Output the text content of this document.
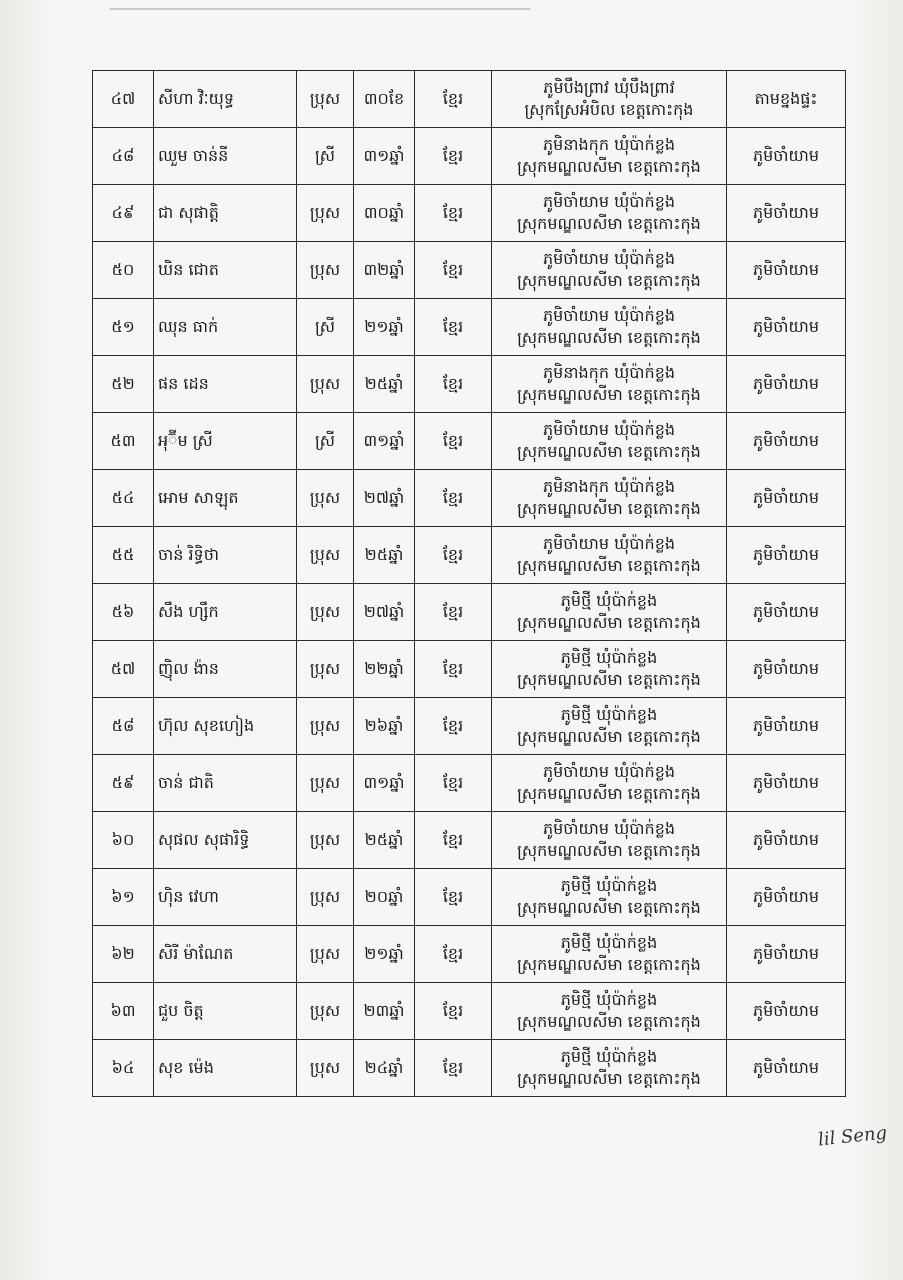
៤៧	សីហា វិៈយុទ្ធ	ប្រុស	៣០ខែ	ខ្មែរ	ភូមិបឹងព្រាវ ឃុំបឹងព្រាវ
ស្រុកស្រែអំបិល ខេត្តកោះកុង	តាមខ្នងផ្ទះ
៤៨	ឈួម ចាន់នី	ស្រី	៣១ឆ្នាំ	ខ្មែរ	ភូមិនាងកុក ឃុំប៉ាក់ខ្លង
ស្រុកមណ្ឌលសីមា ខេត្តកោះកុង	ភូមិចាំយាម
៤៩	ជា សុផាត្តិ	ប្រុស	៣០ឆ្នាំ	ខ្មែរ	ភូមិចាំយាម ឃុំប៉ាក់ខ្លង
ស្រុកមណ្ឌលសីមា ខេត្តកោះកុង	ភូមិចាំយាម
៥០	ឃិន ជោត	ប្រុស	៣២ឆ្នាំ	ខ្មែរ	ភូមិចាំយាម ឃុំប៉ាក់ខ្លង
ស្រុកមណ្ឌលសីមា ខេត្តកោះកុង	ភូមិចាំយាម
៥១	ឈុន ធាក់	ស្រី	២១ឆ្នាំ	ខ្មែរ	ភូមិចាំយាម ឃុំប៉ាក់ខ្លង
ស្រុកមណ្ឌលសីមា ខេត្តកោះកុង	ភូមិចាំយាម
៥២	ផន ដេន	ប្រុស	២៥ឆ្នាំ	ខ្មែរ	ភូមិនាងកុក ឃុំប៉ាក់ខ្លង
ស្រុកមណ្ឌលសីមា ខេត្តកោះកុង	ភូមិចាំយាម
៥៣	អុ៊ីម ស្រី	ស្រី	៣១ឆ្នាំ	ខ្មែរ	ភូមិចាំយាម ឃុំប៉ាក់ខ្លង
ស្រុកមណ្ឌលសីមា ខេត្តកោះកុង	ភូមិចាំយាម
៥៤	អោម សាឡុត	ប្រុស	២៧ឆ្នាំ	ខ្មែរ	ភូមិនាងកុក ឃុំប៉ាក់ខ្លង
ស្រុកមណ្ឌលសីមា ខេត្តកោះកុង	ភូមិចាំយាម
៥៥	ចាន់ រិទ្ធិថា	ប្រុស	២៥ឆ្នាំ	ខ្មែរ	ភូមិចាំយាម ឃុំប៉ាក់ខ្លង
ស្រុកមណ្ឌលសីមា ខេត្តកោះកុង	ភូមិចាំយាម
៥៦	សឹង ហ្សឹក	ប្រុស	២៧ឆ្នាំ	ខ្មែរ	ភូមិថ្មី ឃុំប៉ាក់ខ្លង
ស្រុកមណ្ឌលសីមា ខេត្តកោះកុង	ភូមិចាំយាម
៥៧	ញ៉ិល ង៉ាន	ប្រុស	២២ឆ្នាំ	ខ្មែរ	ភូមិថ្មី ឃុំប៉ាក់ខ្លង
ស្រុកមណ្ឌលសីមា ខេត្តកោះកុង	ភូមិចាំយាម
៥៨	ហ៊ុល សុខហៀង	ប្រុស	២៦ឆ្នាំ	ខ្មែរ	ភូមិថ្មី ឃុំប៉ាក់ខ្លង
ស្រុកមណ្ឌលសីមា ខេត្តកោះកុង	ភូមិចាំយាម
៥៩	ចាន់ ជាតិ	ប្រុស	៣១ឆ្នាំ	ខ្មែរ	ភូមិចាំយាម ឃុំប៉ាក់ខ្លង
ស្រុកមណ្ឌលសីមា ខេត្តកោះកុង	ភូមិចាំយាម
៦០	សុផល សុផារិទ្ធិ	ប្រុស	២៥ឆ្នាំ	ខ្មែរ	ភូមិចាំយាម ឃុំប៉ាក់ខ្លង
ស្រុកមណ្ឌលសីមា ខេត្តកោះកុង	ភូមិចាំយាម
៦១	ហ៊ិន វេហា	ប្រុស	២០ឆ្នាំ	ខ្មែរ	ភូមិថ្មី ឃុំប៉ាក់ខ្លង
ស្រុកមណ្ឌលសីមា ខេត្តកោះកុង	ភូមិចាំយាម
៦២	សិរី ម៉ាណែត	ប្រុស	២១ឆ្នាំ	ខ្មែរ	ភូមិថ្មី ឃុំប៉ាក់ខ្លង
ស្រុកមណ្ឌលសីមា ខេត្តកោះកុង	ភូមិចាំយាម
៦៣	ជួប ចិត្ត	ប្រុស	២៣ឆ្នាំ	ខ្មែរ	ភូមិថ្មី ឃុំប៉ាក់ខ្លង
ស្រុកមណ្ឌលសីមា ខេត្តកោះកុង	ភូមិចាំយាម
៦៤	សុខ ម៉េង	ប្រុស	២៤ឆ្នាំ	ខ្មែរ	ភូមិថ្មី ឃុំប៉ាក់ខ្លង
ស្រុកមណ្ឌលសីមា ខេត្តកោះកុង	ភូមិចាំយាម
lil Seng
